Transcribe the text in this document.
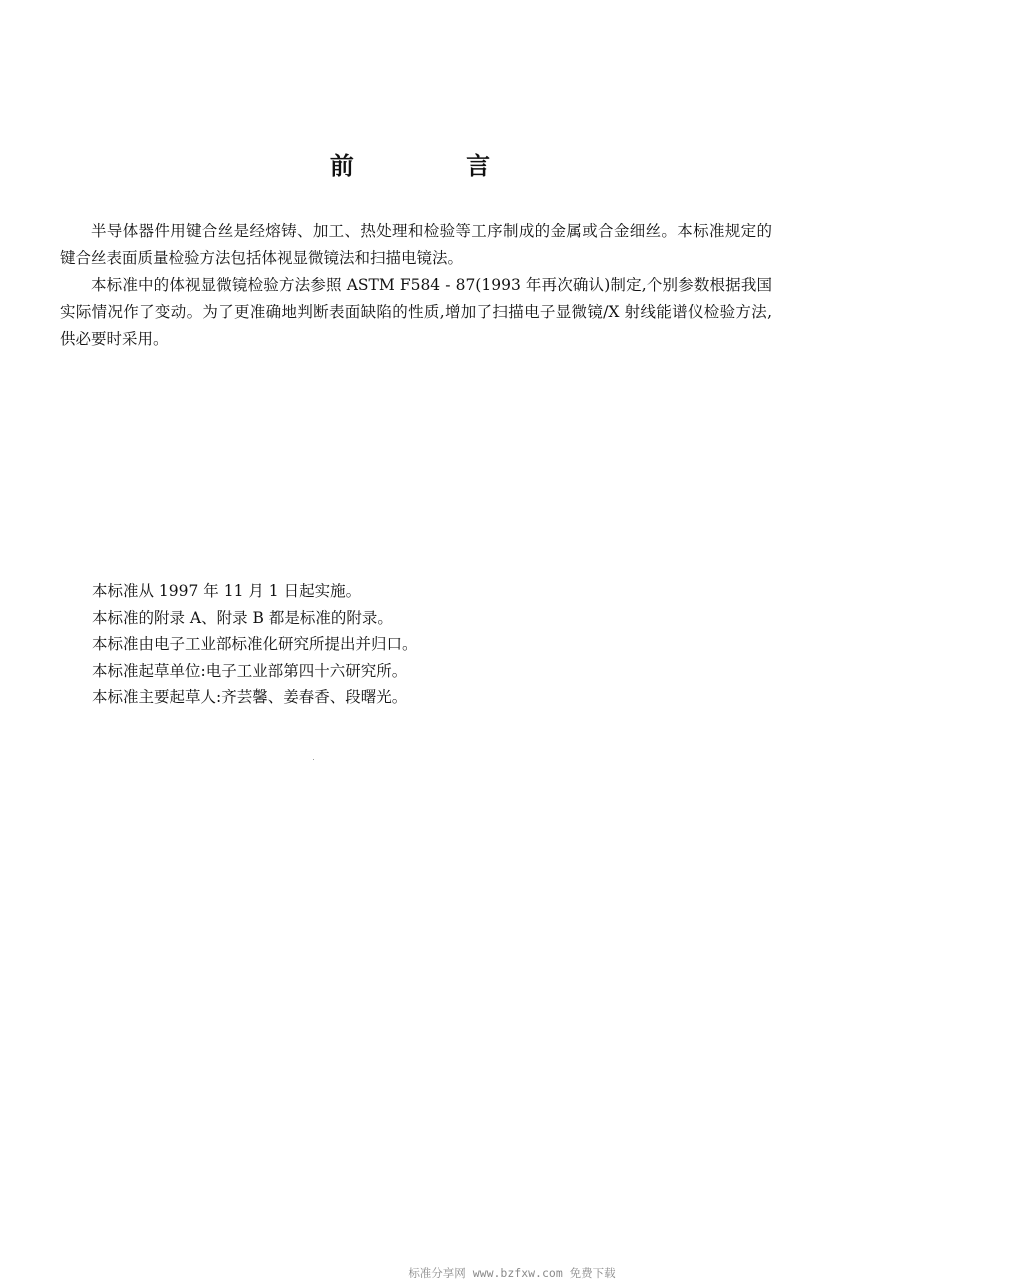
前 言

半导体器件用键合丝是经熔铸、加工、热处理和检验等工序制成的金属或合金细丝。本标准规定的键合丝表面质量检验方法包括体视显微镜法和扫描电镜法。

本标准中的体视显微镜检验方法参照 ASTM F584 - 87(1993 年再次确认)制定,个别参数根据我国实际情况作了变动。为了更准确地判断表面缺陷的性质,增加了扫描电子显微镜/X 射线能谱仪检验方法,供必要时采用。

本标准从 1997 年 11 月 1 日起实施。
本标准的附录 A、附录 B 都是标准的附录。
本标准由电子工业部标准化研究所提出并归口。
本标准起草单位:电子工业部第四十六研究所。
本标准主要起草人:齐芸馨、姜春香、段曙光。
标准分享网 www.bzfxw.com 免费下载
